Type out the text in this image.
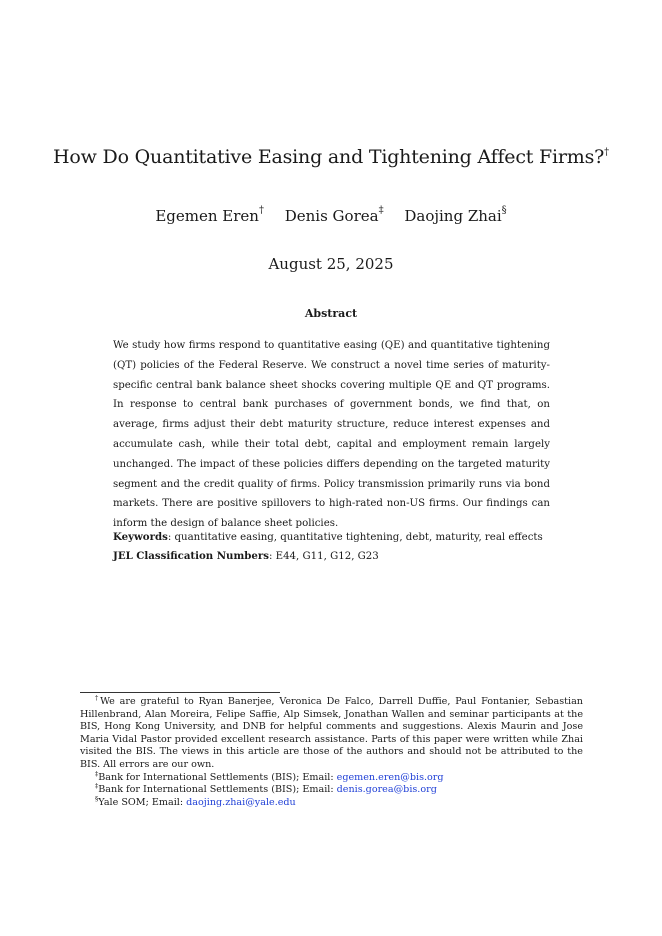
How Do Quantitative Easing and Tightening Affect Firms?†
Egemen Eren† Denis Gorea‡ Daojing Zhai§
August 25, 2025
Abstract

We study how firms respond to quantitative easing (QE) and quantitative tightening (QT) policies of the Federal Reserve. We construct a novel time series of maturity-specific central bank balance sheet shocks covering multiple QE and QT programs. In response to central bank purchases of government bonds, we find that, on average, firms adjust their debt maturity structure, reduce interest expenses and accumulate cash, while their total debt, capital and employment remain largely unchanged. The impact of these policies differs depending on the targeted maturity segment and the credit quality of firms. Policy transmission primarily runs via bond markets. There are positive spillovers to high-rated non-US firms. Our findings can inform the design of balance sheet policies.

Keywords: quantitative easing, quantitative tightening, debt, maturity, real effects
JEL Classification Numbers: E44, G11, G12, G23

†We are grateful to Ryan Banerjee, Veronica De Falco, Darrell Duffie, Paul Fontanier, Sebastian Hillenbrand, Alan Moreira, Felipe Saffie, Alp Simsek, Jonathan Wallen and seminar participants at the BIS, Hong Kong University, and DNB for helpful comments and suggestions. Alexis Maurin and Jose Maria Vidal Pastor provided excellent research assistance. Parts of this paper were written while Zhai visited the BIS. The views in this article are those of the authors and should not be attributed to the BIS. All errors are our own.

‡Bank for International Settlements (BIS); Email: egemen.eren@bis.org

‡Bank for International Settlements (BIS); Email: denis.gorea@bis.org

§Yale SOM; Email: daojing.zhai@yale.edu
